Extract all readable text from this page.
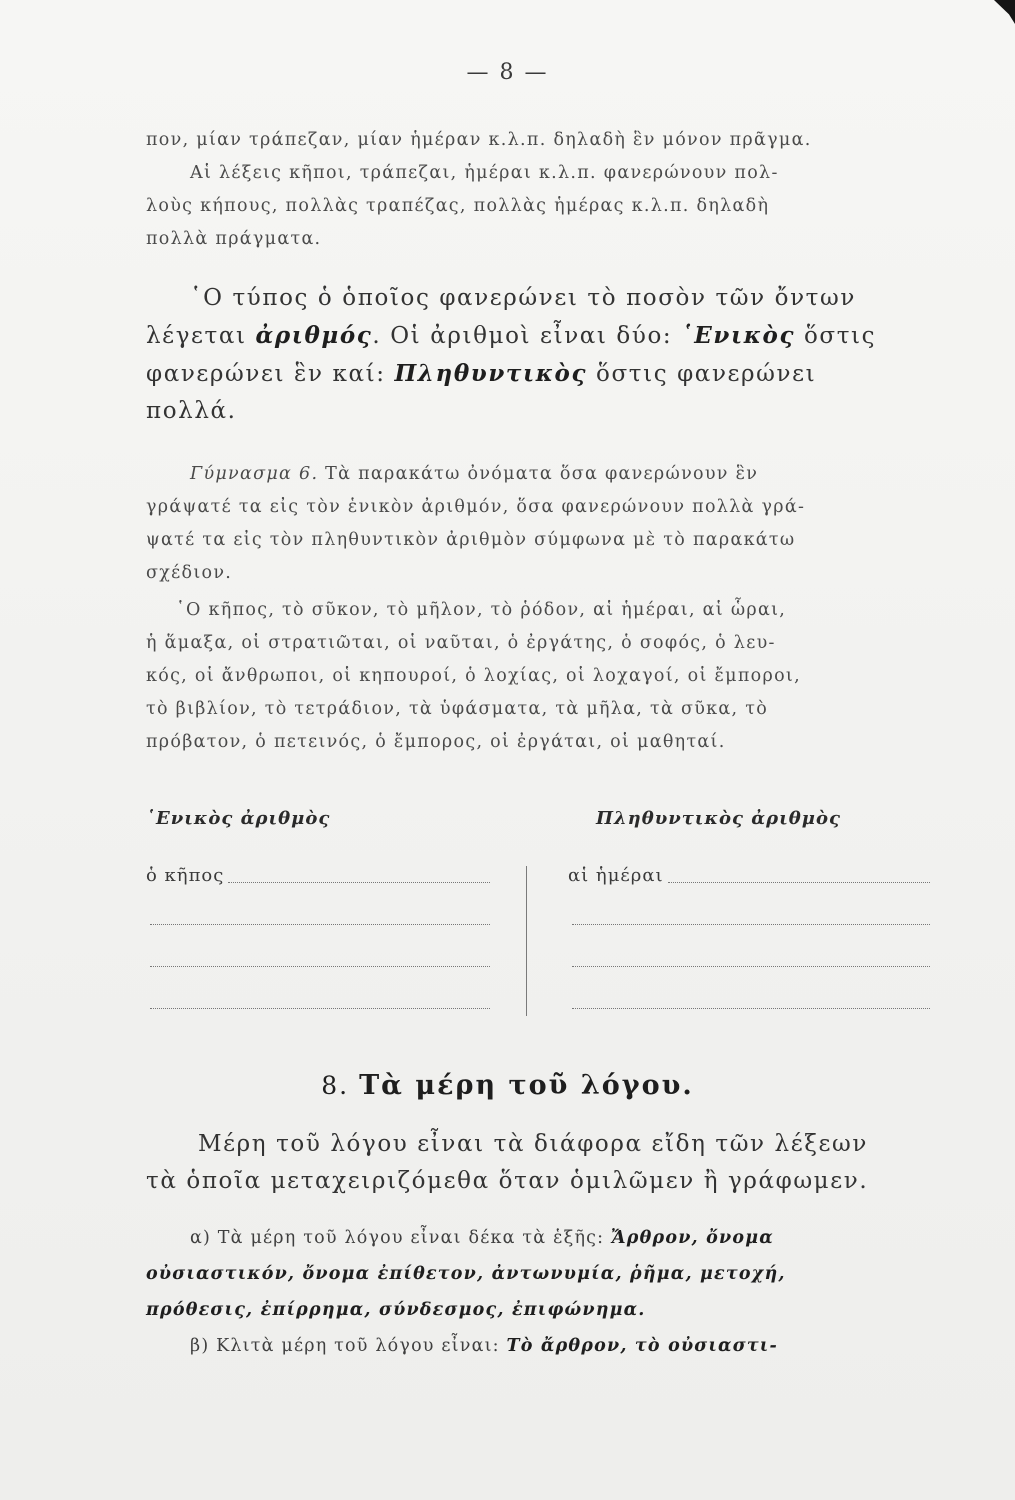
— 8 —
πον, μίαν τράπεζαν, μίαν ἡμέραν κ.λ.π. δηλαδὴ ἓν μόνον πρᾶγμα.
Αἱ λέξεις κῆποι, τράπεζαι, ἡμέραι κ.λ.π. φανερώνουν πολ-
λοὺς κήπους, πολλὰς τραπέζας, πολλὰς ἡμέρας κ.λ.π. δηλαδὴ
πολλὰ πράγματα.
῾Ο τύπος ὁ ὁποῖος φανερώνει τὸ ποσὸν τῶν ὄντων
λέγεται ἀριθμός. Οἱ ἀριθμοὶ εἶναι δύο: ῾Ενικὸς ὅστις
φανερώνει ἓν καί: Πληθυντικὸς ὅστις φανερώνει
πολλά.
Γύμνασμα 6. Τὰ παρακάτω ὀνόματα ὅσα φανερώνουν ἓν
γράψατέ τα εἰς τὸν ἑνικὸν ἀριθμόν, ὅσα φανερώνουν πολλὰ γρά-
ψατέ τα εἰς τὸν πληθυντικὸν ἀριθμὸν σύμφωνα μὲ τὸ παρακάτω
σχέδιον.
῾Ο κῆπος, τὸ σῦκον, τὸ μῆλον, τὸ ῥόδον, αἱ ἡμέραι, αἱ ὧραι,
ἡ ἅμαξα, οἱ στρατιῶται, οἱ ναῦται, ὁ ἐργάτης, ὁ σοφός, ὁ λευ-
κός, οἱ ἄνθρωποι, οἱ κηπουροί, ὁ λοχίας, οἱ λοχαγοί, οἱ ἔμποροι,
τὸ βιβλίον, τὸ τετράδιον, τὰ ὑφάσματα, τὰ μῆλα, τὰ σῦκα, τὸ
πρόβατον, ὁ πετεινός, ὁ ἔμπορος, οἱ ἐργάται, οἱ μαθηταί.
῾Ενικὸς ἀριθμὸς	Πληθυντικὸς ἀριθμὸς
ὁ κῆπος	αἱ ἡμέραι
8. Τὰ μέρη τοῦ λόγου.
Μέρη τοῦ λόγου εἶναι τὰ διάφορα εἴδη τῶν λέξεων
τὰ ὁποῖα μεταχειριζόμεθα ὅταν ὁμιλῶμεν ἢ γράφωμεν.
α) Τὰ μέρη τοῦ λόγου εἶναι δέκα τὰ ἑξῆς: Ἄρθρον, ὄνομα
οὐσιαστικόν, ὄνομα ἐπίθετον, ἀντωνυμία, ῥῆμα, μετοχή,
πρόθεσις, ἐπίρρημα, σύνδεσμος, ἐπιφώνημα.
β) Κλιτὰ μέρη τοῦ λόγου εἶναι: Τὸ ἄρθρον, τὸ οὐσιαστι-
